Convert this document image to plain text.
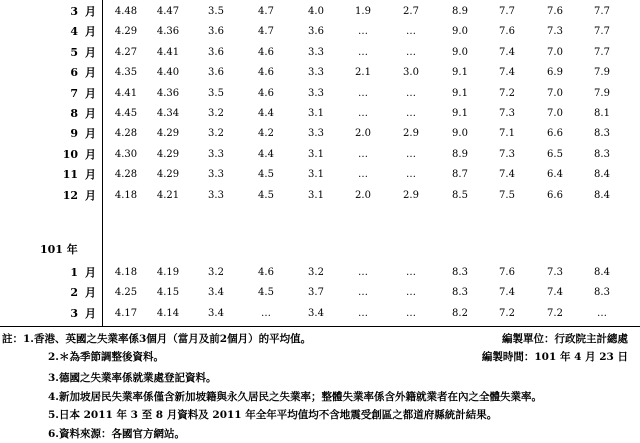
3 月	4.48	4.47	3.5	4.7	4.0	1.9	2.7	8.9	7.7	7.6	7.7
4 月	4.29	4.36	3.6	4.7	3.6	…	…	9.0	7.6	7.3	7.7
5 月	4.27	4.41	3.6	4.6	3.3	…	…	9.0	7.4	7.0	7.7
6 月	4.35	4.40	3.6	4.6	3.3	2.1	3.0	9.1	7.4	6.9	7.9
7 月	4.41	4.36	3.5	4.6	3.3	…	…	9.1	7.2	7.0	7.9
8 月	4.45	4.34	3.2	4.4	3.1	…	…	9.1	7.3	7.0	8.1
9 月	4.28	4.29	3.2	4.2	3.3	2.0	2.9	9.0	7.1	6.6	8.3
10 月	4.30	4.29	3.3	4.4	3.1	…	…	8.9	7.3	6.5	8.3
11 月	4.28	4.29	3.3	4.5	3.1	…	…	8.7	7.4	6.4	8.4
12 月	4.18	4.21	3.3	4.5	3.1	2.0	2.9	8.5	7.5	6.6	8.4
101 年
1 月	4.18	4.19	3.2	4.6	3.2	…	…	8.3	7.6	7.3	8.4
2 月	4.25	4.15	3.4	4.5	3.7	…	…	8.3	7.4	7.4	8.3
3 月	4.17	4.14	3.4	…	3.4	…	…	8.2	7.2	7.2	…
註：1.香港、英國之失業率係3個月（當月及前2個月）的平均值。	編製單位：行政院主計總處
2.＊為季節調整後資料。	編製時間：101 年 4 月 23 日
3.德國之失業率係就業處登記資料。
4.新加坡居民失業率係僅含新加坡籍與永久居民之失業率；整體失業率係含外籍就業者在內之全體失業率。
5.日本 2011 年 3 至 8 月資料及 2011 年全年平均值均不含地震受創區之都道府縣統計結果。
6.資料來源：各國官方網站。
